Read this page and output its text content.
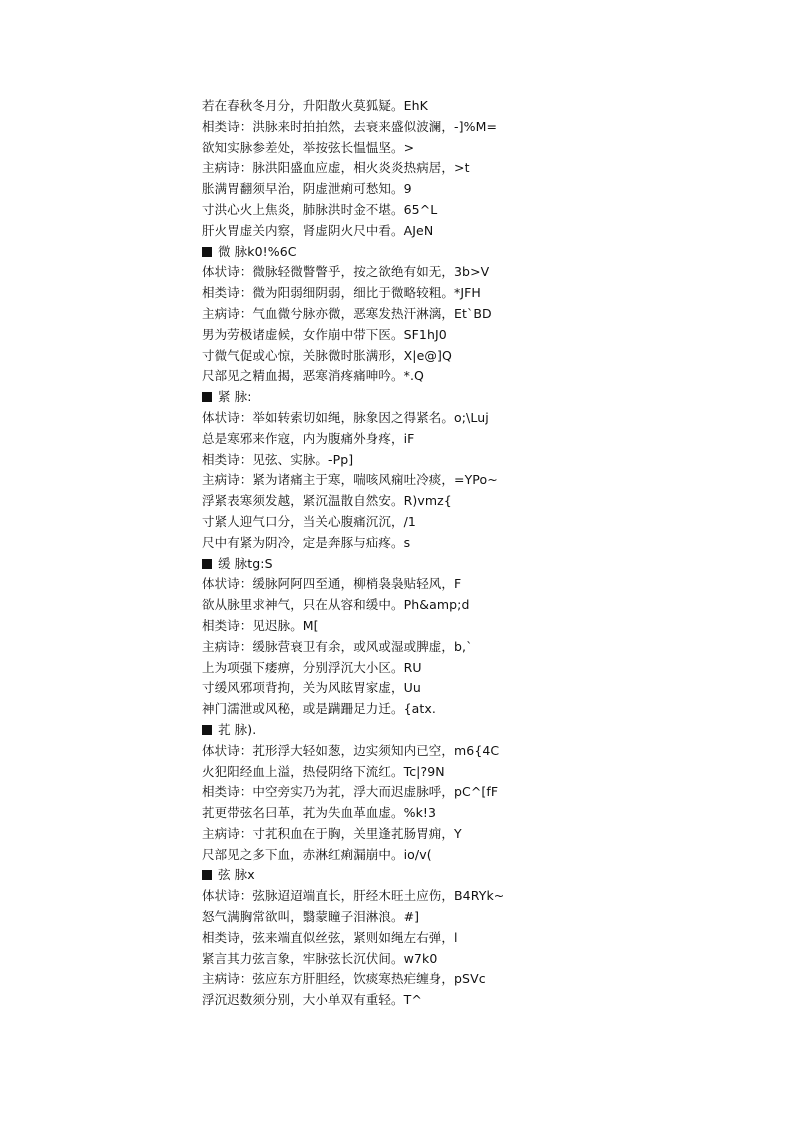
若在春秋冬月分，升阳散火莫狐疑。EhK
相类诗：洪脉来时拍拍然，去衰来盛似波澜，-]%M=
欲知实脉参差处，举按弦长愠愠坚。>
主病诗：脉洪阳盛血应虚，相火炎炎热病居，>t
胀满胃翻须早治，阴虚泄痢可愁知。9
寸洪心火上焦炎，肺脉洪时金不堪。65^L
肝火胃虚关内察，肾虚阴火尺中看。AJeN
微 脉k0!%6C
体状诗：微脉轻微瞥瞥乎，按之欲绝有如无，3b>V
相类诗：微为阳弱细阴弱，细比于微略较粗。*JFH
主病诗：气血微兮脉亦微，恶寒发热汗淋漓，Et`BD
男为劳极诸虚候，女作崩中带下医。SF1hJ0
寸微气促或心惊，关脉微时胀满形，X|e@]Q
尺部见之精血揭，恶寒消疼痛呻吟。*.Q
紧 脉:
体状诗：举如转索切如绳，脉象因之得紧名。o;\Luj
总是寒邪来作寇，内为腹痛外身疼，iF
相类诗：见弦、实脉。-Pp]
主病诗：紧为诸痛主于寒，喘咳风痫吐冷痰，=YPo~
浮紧表寒须发越，紧沉温散自然安。R)vmz{
寸紧人迎气口分，当关心腹痛沉沉，/1
尺中有紧为阴冷，定是奔豚与疝疼。s
缓 脉tg:S
体状诗：缓脉阿阿四至通，柳梢袅袅贴轻风，F
欲从脉里求神气，只在从容和缓中。Ph&amp;d
相类诗：见迟脉。M[
主病诗：缓脉营衰卫有余，或风或湿或脾虚，b,`
上为项强下痿痹，分别浮沉大小区。RU
寸缓风邪项背拘，关为风眩胃家虚，Uu
神门濡泄或风秘，或是蹒跚足力迁。{atx.
芤 脉).
体状诗：芤形浮大轻如葱，边实须知内已空，m6{4C
火犯阳经血上溢，热侵阴络下流红。Tc|?9N
相类诗：中空旁实乃为芤，浮大而迟虚脉呼，pC^[fF
芤更带弦名曰革，芤为失血革血虚。%k!3
主病诗：寸芤积血在于胸，关里逢芤肠胃痈，Y
尺部见之多下血，赤淋红痢漏崩中。io/v(
弦 脉x
体状诗：弦脉迢迢端直长，肝经木旺土应伤，B4RYk~
怒气满胸常欲叫，翳蒙瞳子泪淋浪。#]
相类诗，弦来端直似丝弦，紧则如绳左右弹，l
紧言其力弦言象，牢脉弦长沉伏间。w7k0
主病诗：弦应东方肝胆经，饮痰寒热疟缠身，pSVc
浮沉迟数须分别，大小单双有重轻。T^
